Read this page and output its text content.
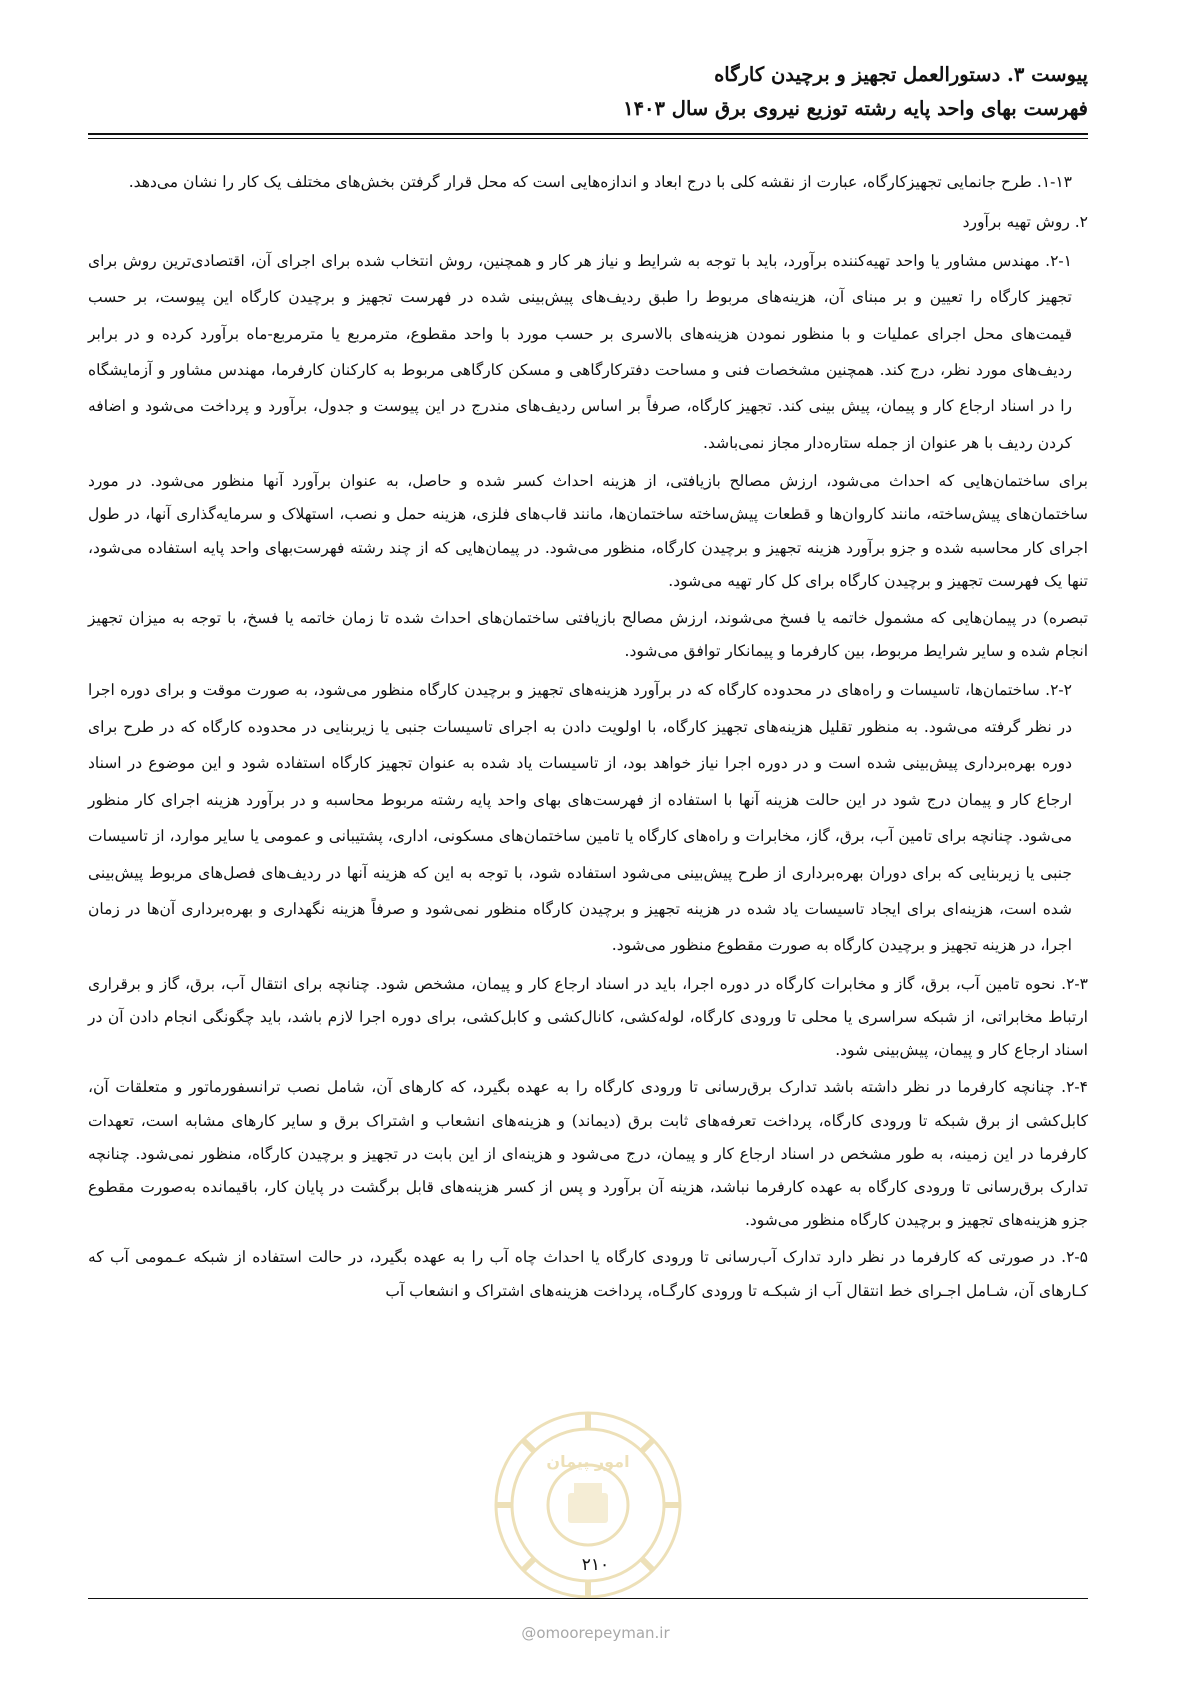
پیوست ۳. دستورالعمل تجهیز و برچیدن کارگاه
فهرست بهای واحد پایه رشته توزیع نیروی برق سال ۱۴۰۳

۱-۱۳. طرح جانمایی تجهیزکارگاه، عبارت از نقشه کلی با درج ابعاد و اندازه‌هایی است که محل قرار گرفتن بخش‌های مختلف یک کار را نشان می‌دهد.

۲. روش تهیه برآورد

۲-۱. مهندس مشاور یا واحد تهیه‌کننده برآورد، باید با توجه به شرایط و نیاز هر کار و همچنین، روش انتخاب شده برای اجرای آن، اقتصادی‌ترین روش برای تجهیز کارگاه را تعیین و بر مبنای آن، هزینه‌های مربوط را طبق ردیف‌های پیش‌بینی شده در فهرست تجهیز و برچیدن کارگاه این پیوست، بر حسب قیمت‌های محل اجرای عملیات و با منظور نمودن هزینه‌های بالاسری بر حسب مورد با واحد مقطوع، مترمربع یا مترمربع-ماه برآورد کرده و در برابر ردیف‌های مورد نظر، درج کند. همچنین مشخصات فنی و مساحت دفترکارگاهی و مسکن کارگاهی مربوط به کارکنان کارفرما، مهندس مشاور و آزمایشگاه را در اسناد ارجاع کار و پیمان، پیش بینی کند. تجهیز کارگاه، صرفاً بر اساس ردیف‌های مندرج در این پیوست و جدول، برآورد و پرداخت می‌شود و اضافه کردن ردیف با هر عنوان از جمله ستاره‌دار مجاز نمی‌باشد.

برای ساختمان‌هایی که احداث می‌شود، ارزش مصالح بازیافتی، از هزینه احداث کسر شده و حاصل، به عنوان برآورد آنها منظور می‌شود. در مورد ساختمان‌های پیش‌ساخته، مانند کاروان‌ها و قطعات پیش‌ساخته ساختمان‌ها، مانند قاب‌های فلزی، هزینه حمل و نصب، استهلاک و سرمایه‌گذاری آنها، در طول اجرای کار محاسبه شده و جزو برآورد هزینه تجهیز و برچیدن کارگاه، منظور می‌شود. در پیمان‌هایی که از چند رشته فهرست‌بهای واحد پایه استفاده می‌شود، تنها یک فهرست تجهیز و برچیدن کارگاه برای کل کار تهیه می‌شود.

تبصره) در پیمان‌هایی که مشمول خاتمه یا فسخ می‌شوند، ارزش مصالح بازیافتی ساختمان‌های احداث شده تا زمان خاتمه یا فسخ، با توجه به میزان تجهیز انجام شده و سایر شرایط مربوط، بین کارفرما و پیمانکار توافق می‌شود.

۲-۲. ساختمان‌ها، تاسیسات و راه‌های در محدوده کارگاه که در برآورد هزینه‌های تجهیز و برچیدن کارگاه منظور می‌شود، به صورت موقت و برای دوره اجرا در نظر گرفته می‌شود. به منظور تقلیل هزینه‌های تجهیز کارگاه، با اولویت دادن به اجرای تاسیسات جنبی یا زیربنایی در محدوده کارگاه که در طرح برای دوره بهره‌برداری پیش‌بینی شده است و در دوره اجرا نیاز خواهد بود، از تاسیسات یاد شده به عنوان تجهیز کارگاه استفاده شود و این موضوع در اسناد ارجاع کار و پیمان درج شود در این حالت هزینه آنها با استفاده از فهرست‌های بهای واحد پایه رشته مربوط محاسبه و در برآورد هزینه اجرای کار منظور می‌شود. چنانچه برای تامین آب، برق، گاز، مخابرات و راه‌های کارگاه یا تامین ساختمان‌های مسکونی، اداری، پشتیبانی و عمومی یا سایر موارد، از تاسیسات جنبی یا زیربنایی که برای دوران بهره‌برداری از طرح پیش‌بینی می‌شود استفاده شود، با توجه به این که هزینه آنها در ردیف‌های فصل‌های مربوط پیش‌بینی شده است، هزینه‌ای برای ایجاد تاسیسات یاد شده در هزینه تجهیز و برچیدن کارگاه منظور نمی‌شود و صرفاً هزینه نگهداری و بهره‌برداری آن‌ها در زمان اجرا، در هزینه تجهیز و برچیدن کارگاه به صورت مقطوع منظور می‌شود.

۲-۳. نحوه تامین آب، برق، گاز و مخابرات کارگاه در دوره اجرا، باید در اسناد ارجاع کار و پیمان، مشخص شود. چنانچه برای انتقال آب، برق، گاز و برقراری ارتباط مخابراتی، از شبکه سراسری یا محلی تا ورودی کارگاه، لوله‌کشی، کانال‌کشی و کابل‌کشی، برای دوره اجرا لازم باشد، باید چگونگی انجام دادن آن در اسناد ارجاع کار و پیمان، پیش‌بینی شود.

۲-۴. چنانچه کارفرما در نظر داشته باشد تدارک برق‌رسانی تا ورودی کارگاه را به عهده بگیرد، که کارهای آن، شامل نصب ترانسفورماتور و متعلقات آن، کابل‌کشی از برق شبکه تا ورودی کارگاه، پرداخت تعرفه‌های ثابت برق (دیماند) و هزینه‌های انشعاب و اشتراک برق و سایر کارهای مشابه است، تعهدات کارفرما در این زمینه، به طور مشخص در اسناد ارجاع کار و پیمان، درج می‌شود و هزینه‌ای از این بابت در تجهیز و برچیدن کارگاه، منظور نمی‌شود. چنانچه تدارک برق‌رسانی تا ورودی کارگاه به عهده کارفرما نباشد، هزینه آن برآورد و پس از کسر هزینه‌های قابل برگشت در پایان کار، باقیمانده به‌صورت مقطوع جزو هزینه‌های تجهیز و برچیدن کارگاه منظور می‌شود.

۲-۵. در صورتی که کارفرما در نظر دارد تدارک آب‌رسانی تا ورودی کارگاه یا احداث چاه آب را به عهده بگیرد، در حالت استفاده از شبکه عـمومی آب که کـارهای آن، شـامل اجـرای خط انتقال آب از شبکـه تا ورودی کارگـاه، پرداخت هزینه‌های اشتراک و انشعاب آب

امور پیمان
۲۱۰
@omoorepeyman.ir
